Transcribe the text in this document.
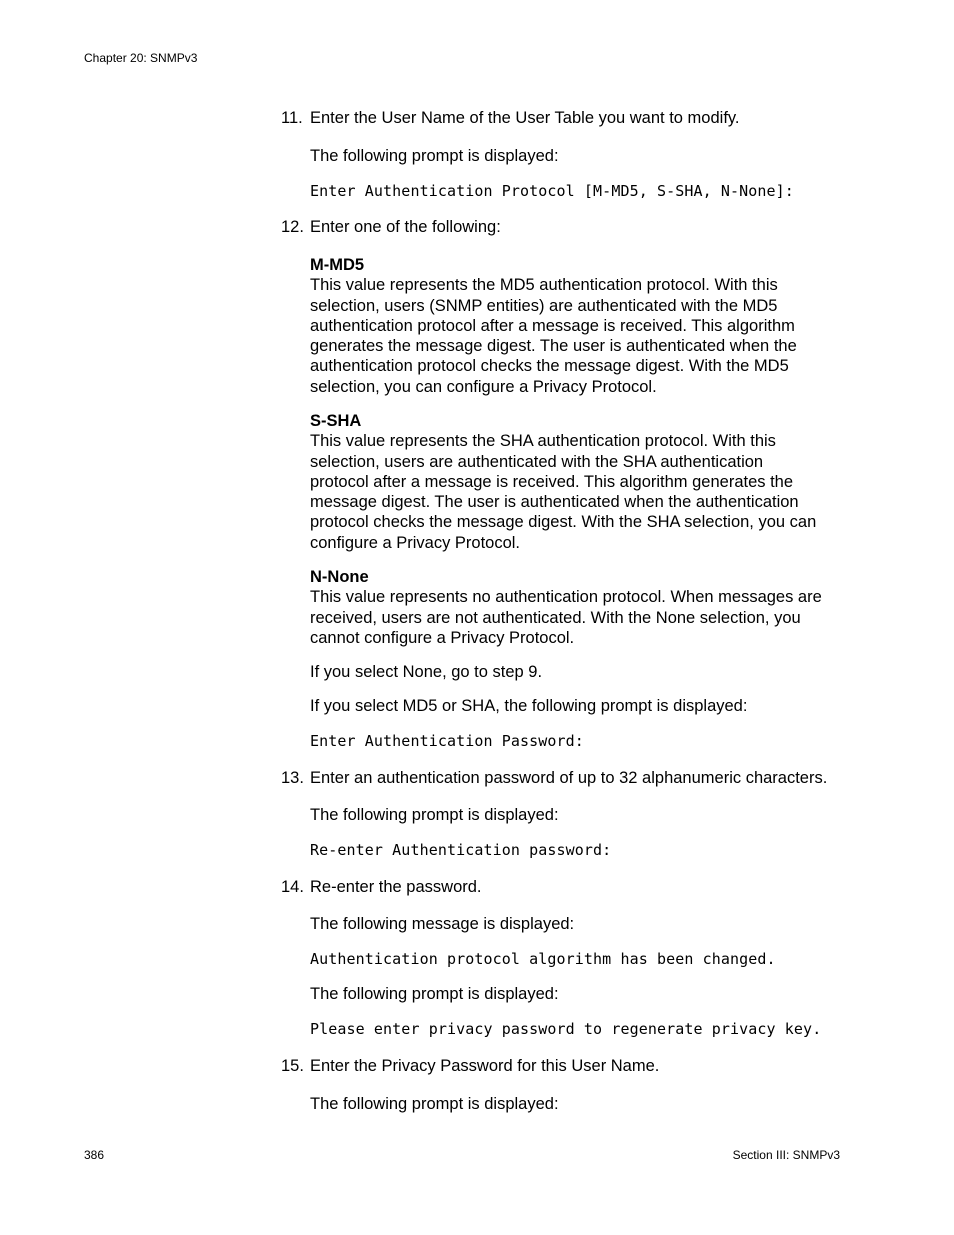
Chapter 20: SNMPv3
11. Enter the User Name of the User Table you want to modify.
The following prompt is displayed:
Enter Authentication Protocol [M-MD5, S-SHA, N-None]:
M-MD5
This value represents the MD5 authentication protocol. With this
selection, users (SNMP entities) are authenticated with the MD5
authentication protocol after a message is received. This algorithm
generates the message digest. The user is authenticated when the
authentication protocol checks the message digest. With the MD5
selection, you can configure a Privacy Protocol.
S-SHA
This value represents the SHA authentication protocol. With this
selection, users are authenticated with the SHA authentication
protocol after a message is received. This algorithm generates the
message digest. The user is authenticated when the authentication
protocol checks the message digest. With the SHA selection, you can
configure a Privacy Protocol.
N-None
This value represents no authentication protocol. When messages are
received, users are not authenticated. With the None selection, you
cannot configure a Privacy Protocol.
If you select None, go to step 9.
If you select MD5 or SHA, the following prompt is displayed:
Enter Authentication Password:
The following prompt is displayed:
Re-enter Authentication password:
The following message is displayed:
Authentication protocol algorithm has been changed.
The following prompt is displayed:
Please enter privacy password to regenerate privacy key.
The following prompt is displayed:
12. Enter one of the following:
13. Enter an authentication password of up to 32 alphanumeric characters.
14. Re-enter the password.
15. Enter the Privacy Password for this User Name.
386	Section III: SNMPv3
